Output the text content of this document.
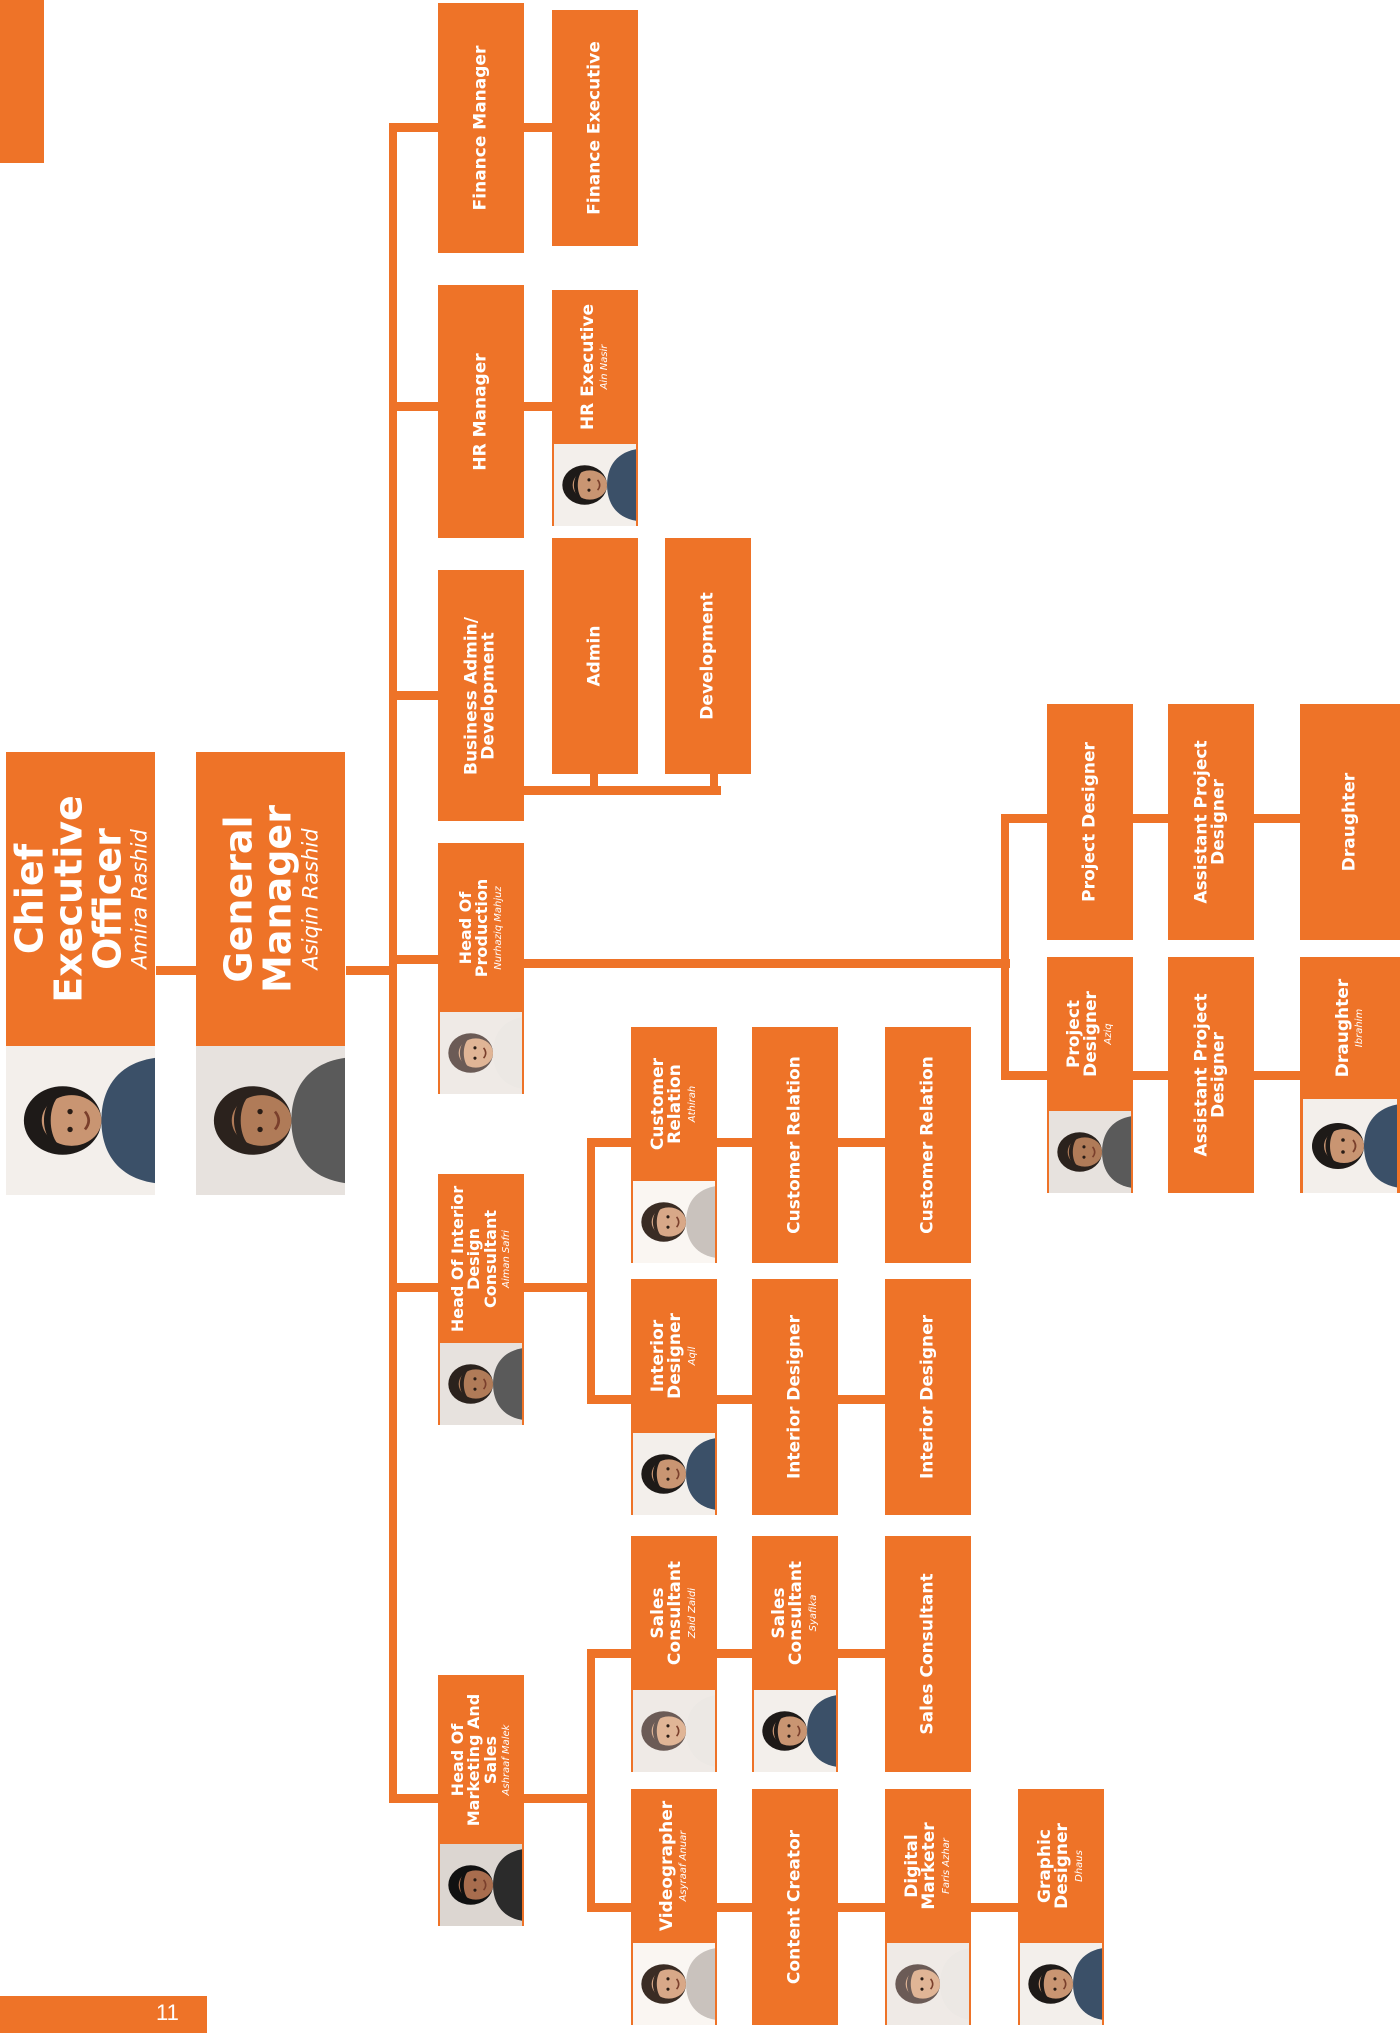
Chief Executive Officer
Amira Rashid General Manager
Asiqin Rashid
Finance Manager	Finance Executive
HR Manager	HR Executive Ain Nasir
Business Admin/ Development	Admin	Development
Head Of Production Nurhaziq Mahjuz
Project Designer
Project Designer Aziq
Assistant Project Designer
Assistant Project Designer
Draughter
Draughter Ibrahim
Head Of Interior Design Consultant Aiman Safri
Customer Relation Athirah	Customer Relation	Customer Relation
Interior Designer Aqil	Interior Designer	Interior Designer
Head Of Marketing And Sales Ashraaf Malek
Sales Consultant Zaid Zaidi	Sales Consultant Syafika	Sales Consultant
Videographer Asyraaf Anuar	Content Creator	Digital Marketer Faris Azhar	Graphic Designer Dhaus
11
